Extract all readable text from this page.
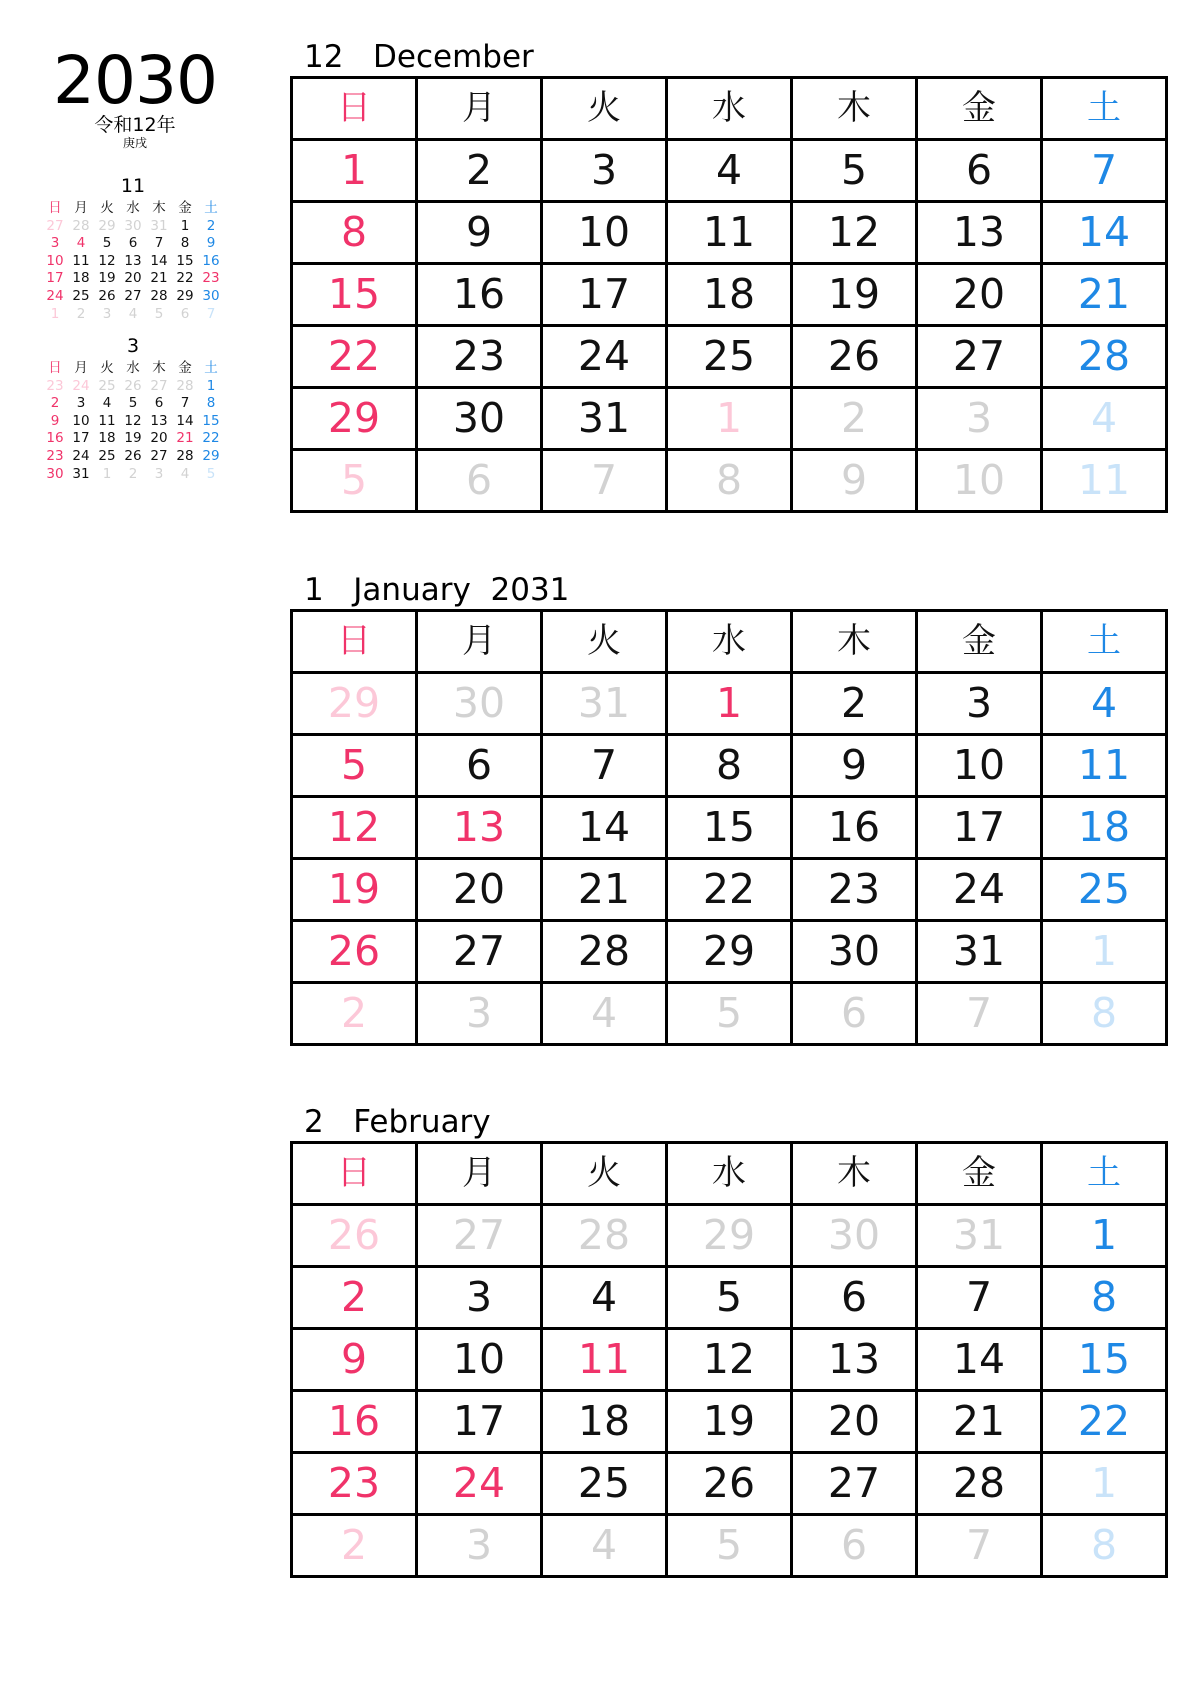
2030
令和12年
庚戌
11
日 月 火 水 木 金 土
27 28 29 30 31 1	2
3	4	5	6	7	8	9
10 11 12 13 14 15 16
17 18 19 20 21 22 23
24 25 26 27 28 29 30
1	2	3	4	5	6	7
3
日 月 火 水 木 金 土
23 24 25 26 27 28 1
2	3	4	5	6	7	8
9 10 11 12 13 14 15
16 17 18 19 20 21 22
23 24 25 26 27 28 29
30 31 1	2	3	4	5
12   December
日	月	火	水	木	金	土
1	2	3	4	5	6	7
8	9	10	11	12	13	14
15	16	17	18	19	20	21
22	23	24	25	26	27	28
29	30	31	1	2	3	4
5	6	7	8	9	10	11
1   January  2031
日	月	火	水	木	金	土
29	30	31	1	2	3	4
5	6	7	8	9	10	11
12	13	14	15	16	17	18
19	20	21	22	23	24	25
26	27	28	29	30	31	1
2	3	4	5	6	7	8
2   February
日	月	火	水	木	金	土
26	27	28	29	30	31	1
2	3	4	5	6	7	8
9	10	11	12	13	14	15
16	17	18	19	20	21	22
23	24	25	26	27	28	1
2	3	4	5	6	7	8
